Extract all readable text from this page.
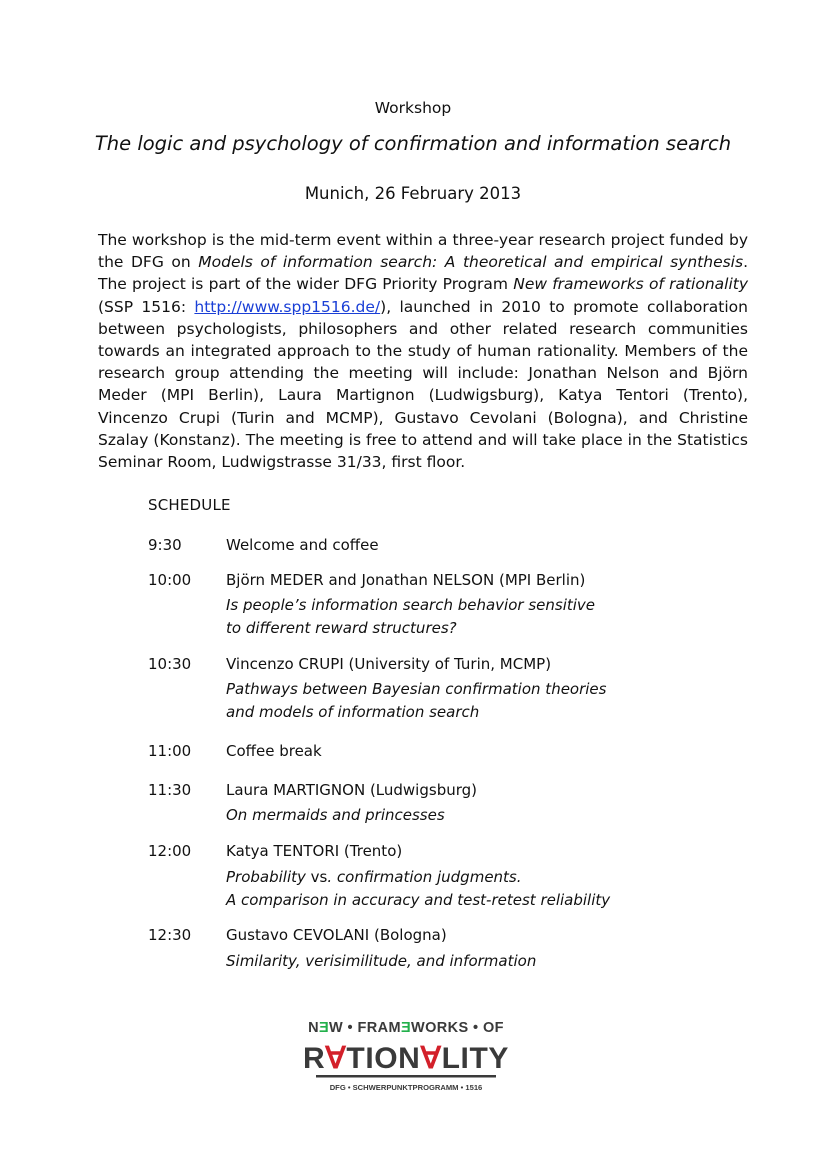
Workshop
The logic and psychology of confirmation and information search
Munich, 26 February 2013

The workshop is the mid-term event within a three-year research project funded by the DFG on Models of information search: A theoretical and empirical synthesis. The project is part of the wider DFG Priority Program New frameworks of rationality (SSP 1516: http://www.spp1516.de/), launched in 2010 to promote collaboration between psychologists, philosophers and other related research communities towards an integrated approach to the study of human rationality. Members of the research group attending the meeting will include: Jonathan Nelson and Björn Meder (MPI Berlin), Laura Martignon (Ludwigsburg), Katya Tentori (Trento), Vincenzo Crupi (Turin and MCMP), Gustavo Cevolani (Bologna), and Christine Szalay (Konstanz). The meeting is free to attend and will take place in the Statistics Seminar Room, Ludwigstrasse 31/33, first floor.

SCHEDULE
9:30	Welcome and coffee
10:00 Björn MEDER and Jonathan NELSON (MPI Berlin)
Is people’s information search behavior sensitive
to different reward structures?
10:30 Vincenzo CRUPI (University of Turin, MCMP)
Pathways between Bayesian confirmation theories
and models of information search
11:00 Coffee break
11:30 Laura MARTIGNON (Ludwigsburg)
On mermaids and princesses
12:00 Katya TENTORI (Trento)
Probability vs. confirmation judgments.
A comparison in accuracy and test-retest reliability
12:30 Gustavo CEVOLANI (Bologna)
Similarity, verisimilitude, and information
NƎW • FRAMƎWORKS • OF
R∀TION∀LITY
DFG • SCHWERPUNKTPROGRAMM • 1516
